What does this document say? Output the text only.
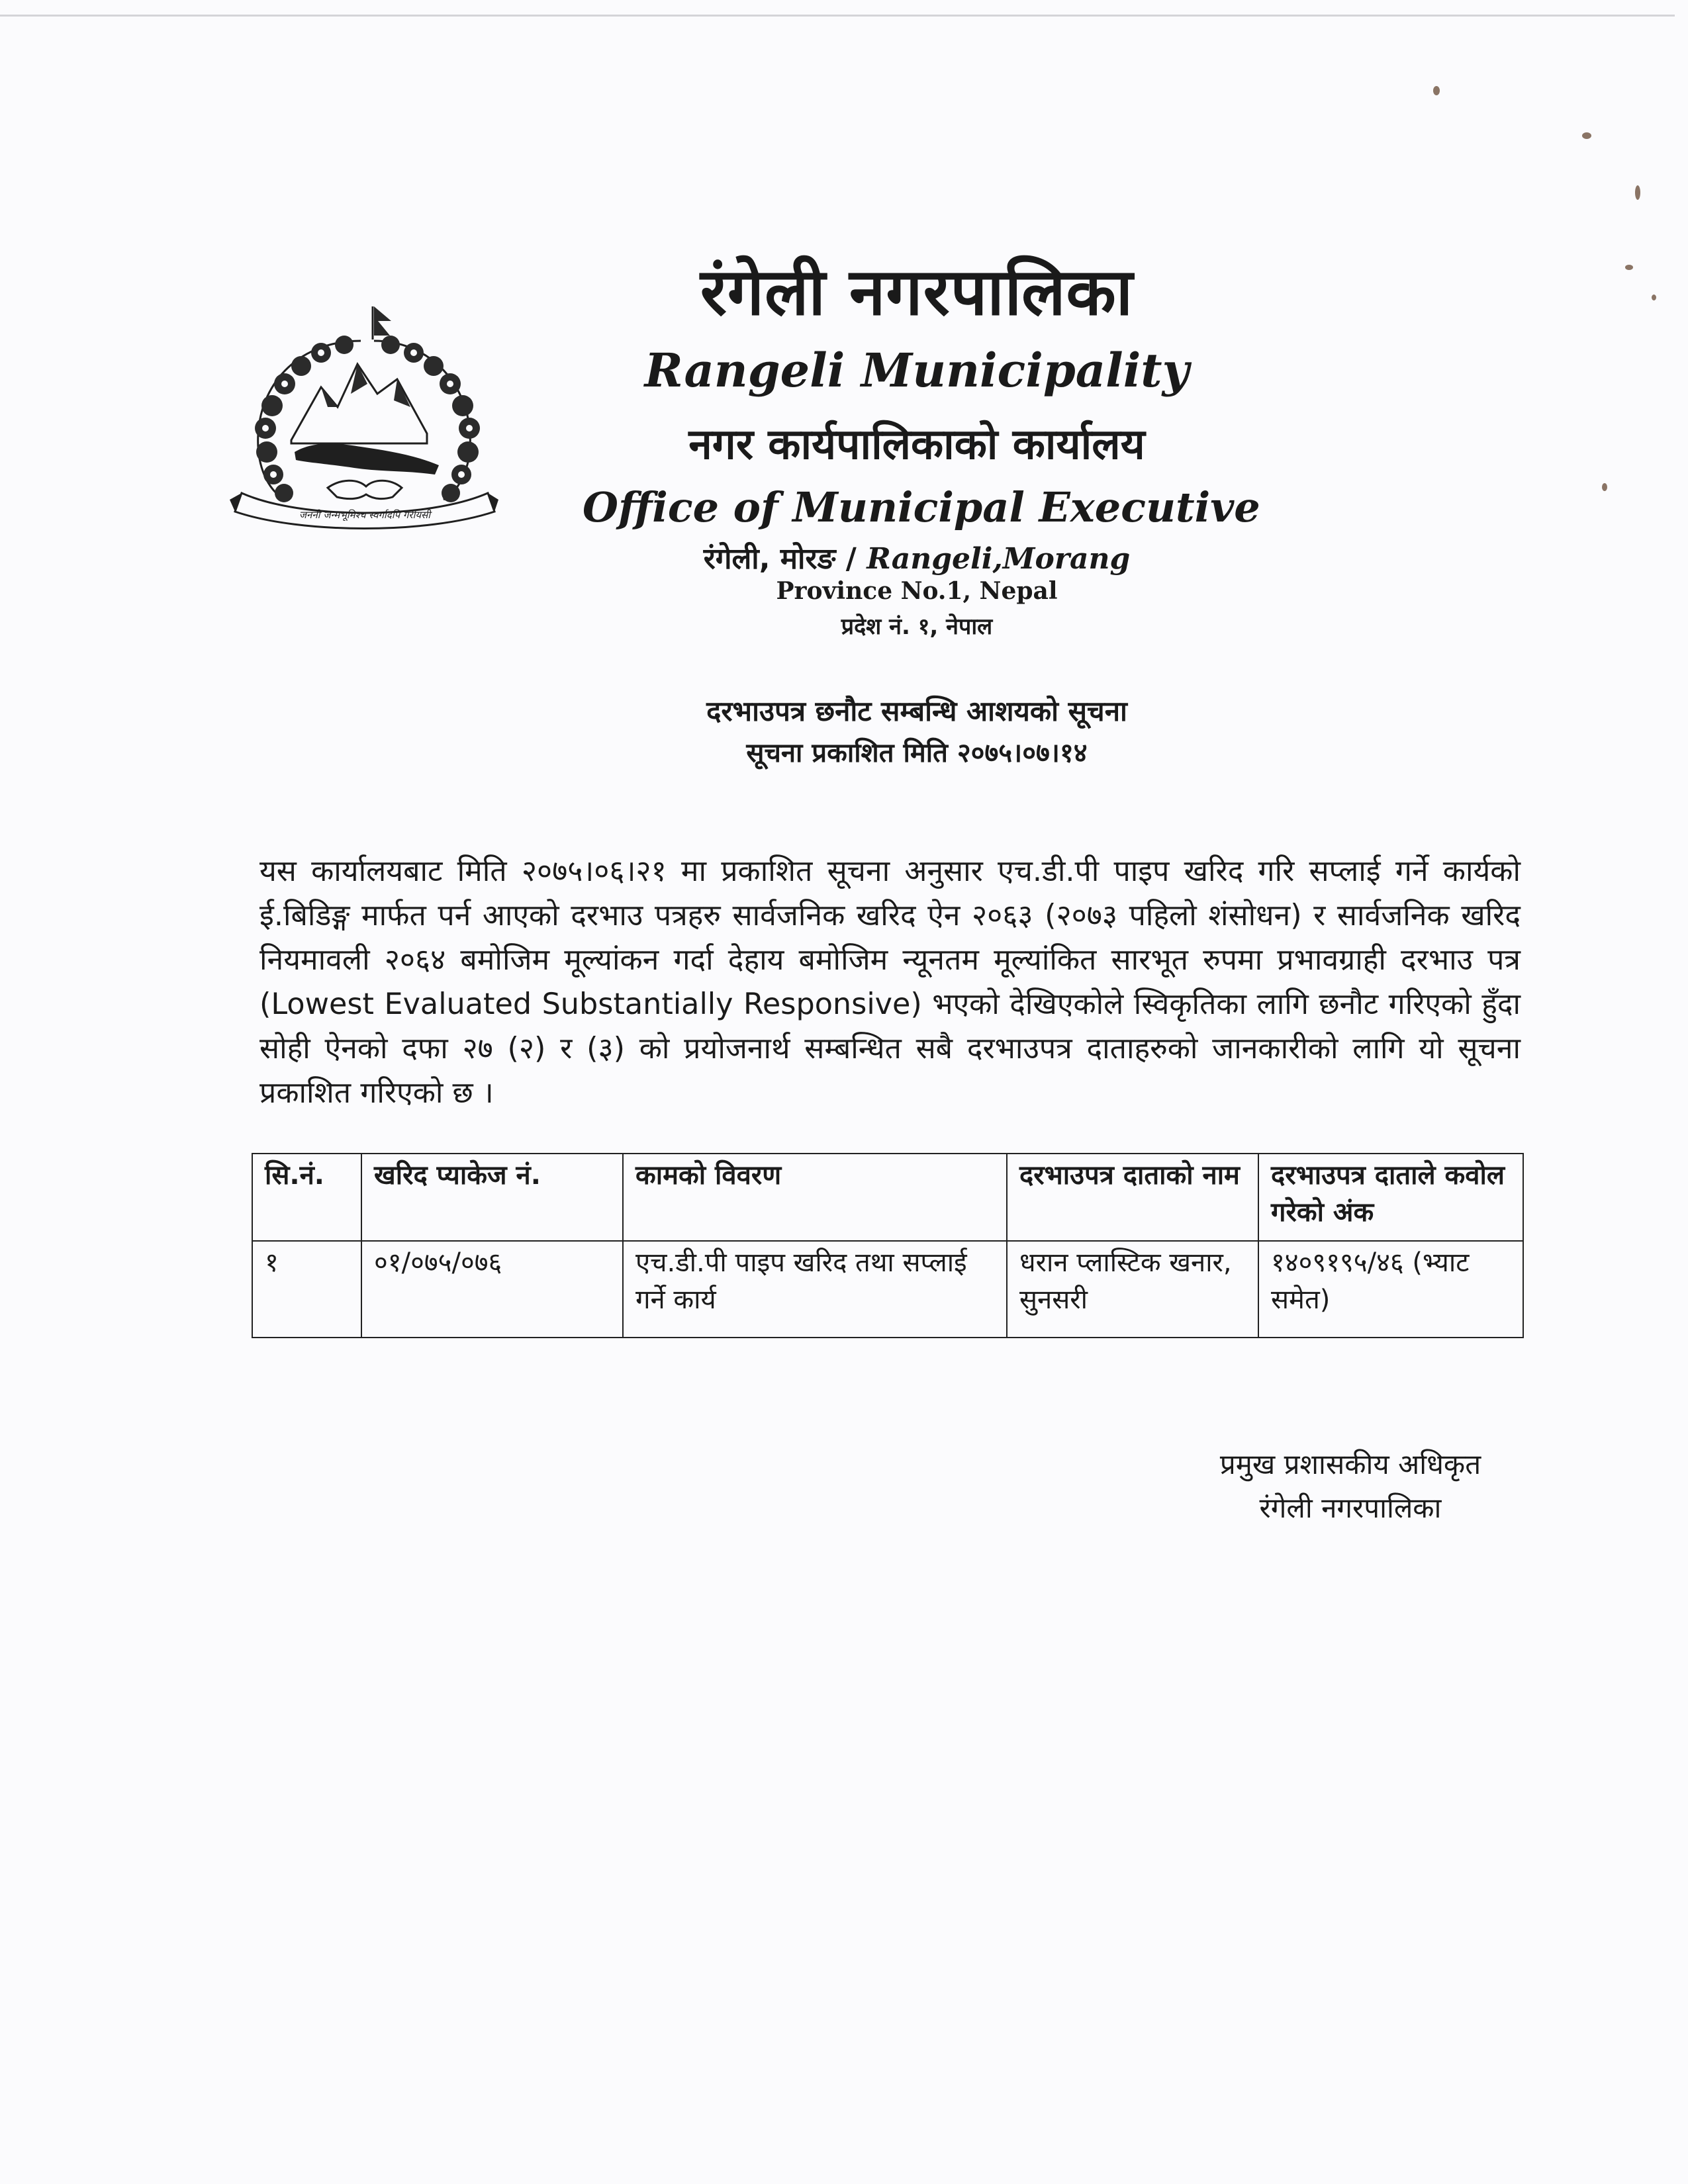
जननी जन्मभूमिश्च स्वर्गादपि गरीयसी
रंगेली नगरपालिका
Rangeli Municipality
नगर कार्यपालिकाको कार्यालय
Office of Municipal Executive
रंगेली, मोरङ / Rangeli,Morang
Province No.1, Nepal
प्रदेश नं. १, नेपाल
दरभाउपत्र छनौट सम्बन्धि आशयको सूचना
सूचना प्रकाशित मिति २०७५।०७।१४
यस कार्यालयबाट मिति २०७५।०६।२१ मा प्रकाशित सूचना अनुसार एच.डी.पी पाइप खरिद गरि सप्लाई गर्ने कार्यको ई.बिडिङ्ग मार्फत पर्न आएको दरभाउ पत्रहरु सार्वजनिक खरिद ऐन २०६३ (२०७३ पहिलो शंसोधन) र सार्वजनिक खरिद नियमावली २०६४ बमोजिम मूल्यांकन गर्दा देहाय बमोजिम न्यूनतम मूल्यांकित सारभूत रुपमा प्रभावग्राही दरभाउ पत्र (Lowest Evaluated Substantially Responsive) भएको देखिएकोले स्विकृतिका लागि छनौट गरिएको हुँदा सोही ऐनको दफा २७ (२) र (३) को प्रयोजनार्थ सम्बन्धित सबै दरभाउपत्र दाताहरुको जानकारीको लागि यो सूचना प्रकाशित गरिएको छ ।
सि.नं.	खरिद प्याकेज नं.	कामको विवरण	दरभाउपत्र दाताको नाम	दरभाउपत्र दाताले कवोल गरेको अंक
१	०१/०७५/०७६	एच.डी.पी पाइप खरिद तथा सप्लाई गर्ने कार्य	धरान प्लास्टिक खनार, सुनसरी	१४०९१९५/४६ (भ्याट समेत)
प्रमुख प्रशासकीय अधिकृत
रंगेली नगरपालिका
